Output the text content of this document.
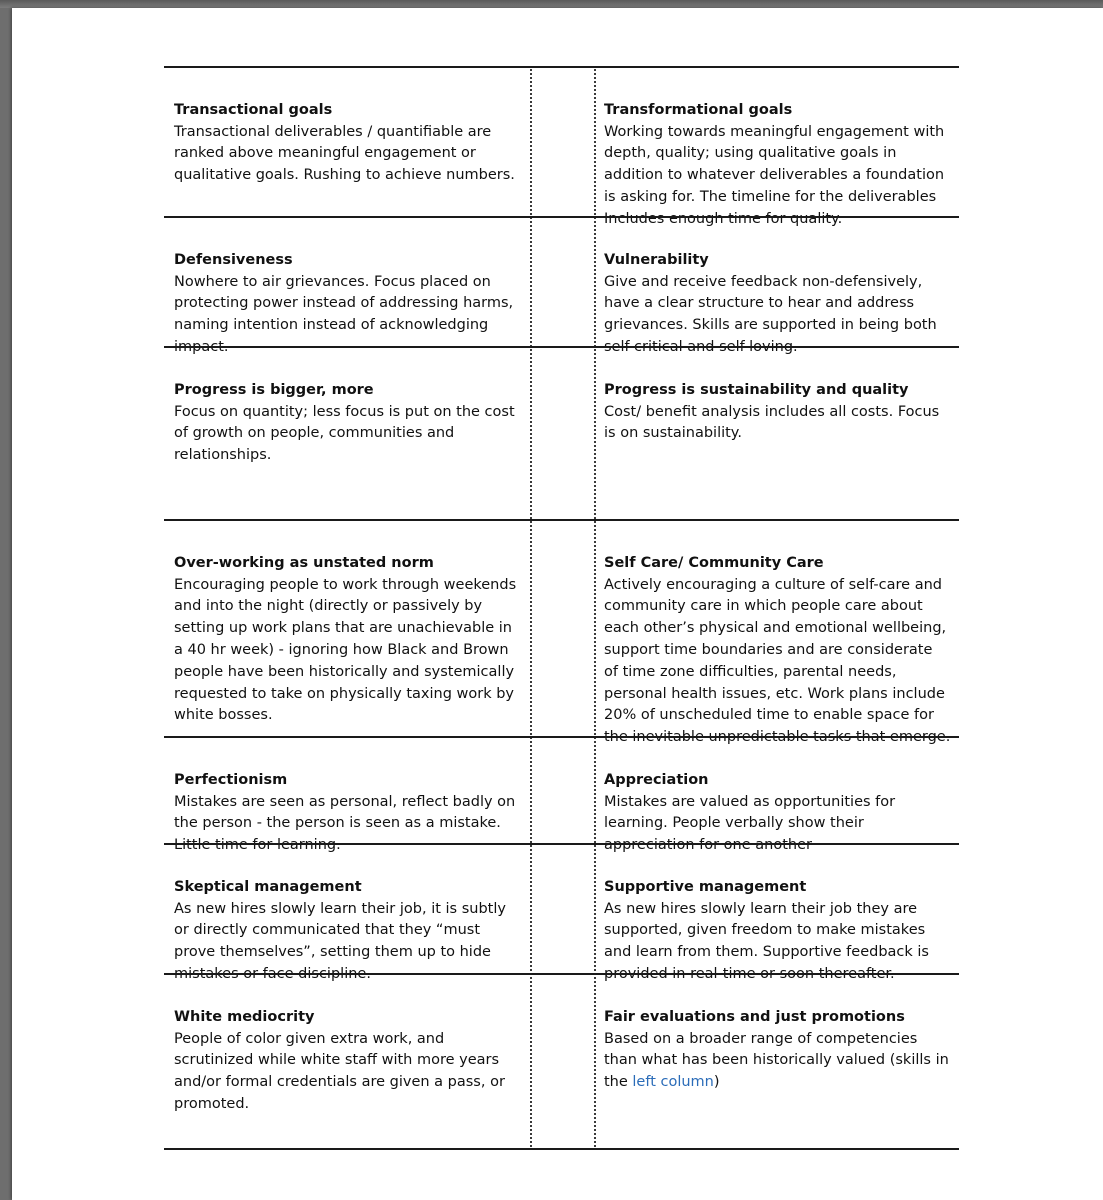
Transactional goals
Transactional deliverables / quantifiable are
ranked above meaningful engagement or
qualitative goals. Rushing to achieve numbers.

Transformational goals
Working towards meaningful engagement with
depth, quality; using qualitative goals in
addition to whatever deliverables a foundation
is asking for. The timeline for the deliverables
Includes enough time for quality.

Defensiveness
Nowhere to air grievances. Focus placed on
protecting power instead of addressing harms,
naming intention instead of acknowledging
impact.

Vulnerability
Give and receive feedback non-defensively,
have a clear structure to hear and address
grievances. Skills are supported in being both
self-critical and self-loving.

Progress is bigger, more
Focus on quantity; less focus is put on the cost
of growth on people, communities and
relationships.

Progress is sustainability and quality
Cost/ benefit analysis includes all costs. Focus
is on sustainability.

Over-working as unstated norm
Encouraging people to work through weekends
and into the night (directly or passively by
setting up work plans that are unachievable in
a 40 hr week) - ignoring how Black and Brown
people have been historically and systemically
requested to take on physically taxing work by
white bosses.

Self Care/ Community Care
Actively encouraging a culture of self-care and
community care in which people care about
each other’s physical and emotional wellbeing,
support time boundaries and are considerate
of time zone difficulties, parental needs,
personal health issues, etc. Work plans include
20% of unscheduled time to enable space for
the inevitable unpredictable tasks that emerge.

Perfectionism
Mistakes are seen as personal, reflect badly on
the person - the person is seen as a mistake.
Little time for learning.

Appreciation
Mistakes are valued as opportunities for
learning. People verbally show their
appreciation for one another

Skeptical management
As new hires slowly learn their job, it is subtly
or directly communicated that they “must
prove themselves”, setting them up to hide
mistakes or face discipline.

Supportive management
As new hires slowly learn their job they are
supported, given freedom to make mistakes
and learn from them. Supportive feedback is
provided in real-time or soon thereafter.

White mediocrity
People of color given extra work, and
scrutinized while white staff with more years
and/or formal credentials are given a pass, or
promoted.

Fair evaluations and just promotions
Based on a broader range of competencies
than what has been historically valued (skills in
the left column)
